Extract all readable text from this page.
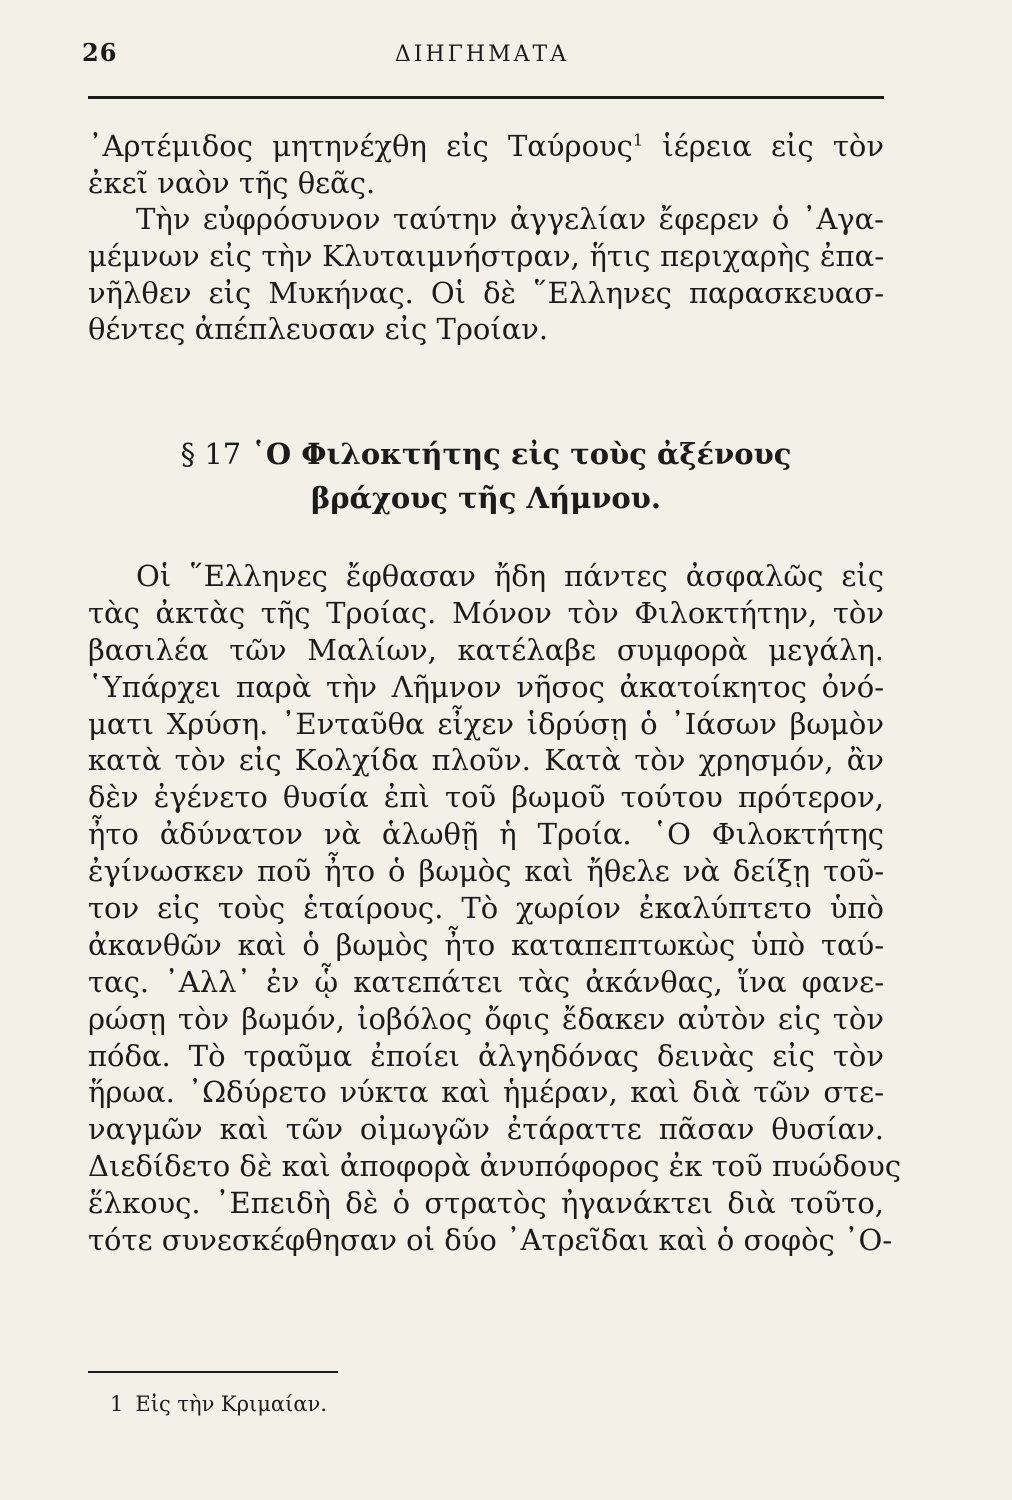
26	ΔΙΗΓΗΜΑΤΑ
᾿Αρτέμιδος μητηνέχθη εἰς Ταύρους$^1$ ἱέρεια εἰς τὸν
ἐκεῖ ναὸν τῆς θεᾶς.
Τὴν εὐφρόσυνον ταύτην ἀγγελίαν ἔφερεν ὁ ᾿Αγα-
μέμνων εἰς τὴν Κλυταιμνήστραν, ἥτις περιχαρὴς ἐπα-
νῆλθεν εἰς Μυκήνας. Οἱ δὲ ῞Ελληνες παρασκευασ-
θέντες ἀπέπλευσαν εἰς Τροίαν.
§ 17 ῾Ο Φιλοκτήτης εἰς τοὺς ἀξένους
βράχους τῆς Λήμνου.
Οἱ ῞Ελληνες ἔφθασαν ἤδη πάντες ἀσφαλῶς εἰς
τὰς ἀκτὰς τῆς Τροίας. Μόνον τὸν Φιλοκτήτην, τὸν
βασιλέα τῶν Μαλίων, κατέλαβε συμφορὰ μεγάλη.
῾Υπάρχει παρὰ τὴν Λῆμνον νῆσος ἀκατοίκητος ὀνό-
ματι Χρύση. ᾿Ενταῦθα εἶχεν ἱδρύσῃ ὁ ᾿Ιάσων βωμὸν
κατὰ τὸν εἰς Κολχίδα πλοῦν. Κατὰ τὸν χρησμόν, ἂν
δὲν ἐγένετο θυσία ἐπὶ τοῦ βωμοῦ τούτου πρότερον,
ἦτο ἀδύνατον νὰ ἁλωθῇ ἡ Τροία. ῾Ο Φιλοκτήτης
ἐγίνωσκεν ποῦ ἦτο ὁ βωμὸς καὶ ἤθελε νὰ δείξῃ τοῦ-
τον εἰς τοὺς ἑταίρους. Τὸ χωρίον ἐκαλύπτετο ὑπὸ
ἀκανθῶν καὶ ὁ βωμὸς ἦτο καταπεπτωκὼς ὑπὸ ταύ-
τας. ᾿Αλλ᾿ ἐν ᾧ κατεπάτει τὰς ἀκάνθας, ἵνα φανε-
ρώσῃ τὸν βωμόν, ἰοβόλος ὄφις ἔδακεν αὐτὸν εἰς τὸν
πόδα. Τὸ τραῦμα ἐποίει ἀλγηδόνας δεινὰς εἰς τὸν
ἥρωα. ᾿Ωδύρετο νύκτα καὶ ἡμέραν, καὶ διὰ τῶν στε-
ναγμῶν καὶ τῶν οἰμωγῶν ἐτάραττε πᾶσαν θυσίαν.
Διεδίδετο δὲ καὶ ἀποφορὰ ἀνυπόφορος ἐκ τοῦ πυώδους
ἕλκους. ᾿Επειδὴ δὲ ὁ στρατὸς ἠγανάκτει διὰ τοῦτο,
τότε συνεσκέφθησαν οἱ δύο ᾿Ατρεῖδαι καὶ ὁ σοφὸς ᾿Ο-
1 Εἰς τὴν Κριμαίαν.
